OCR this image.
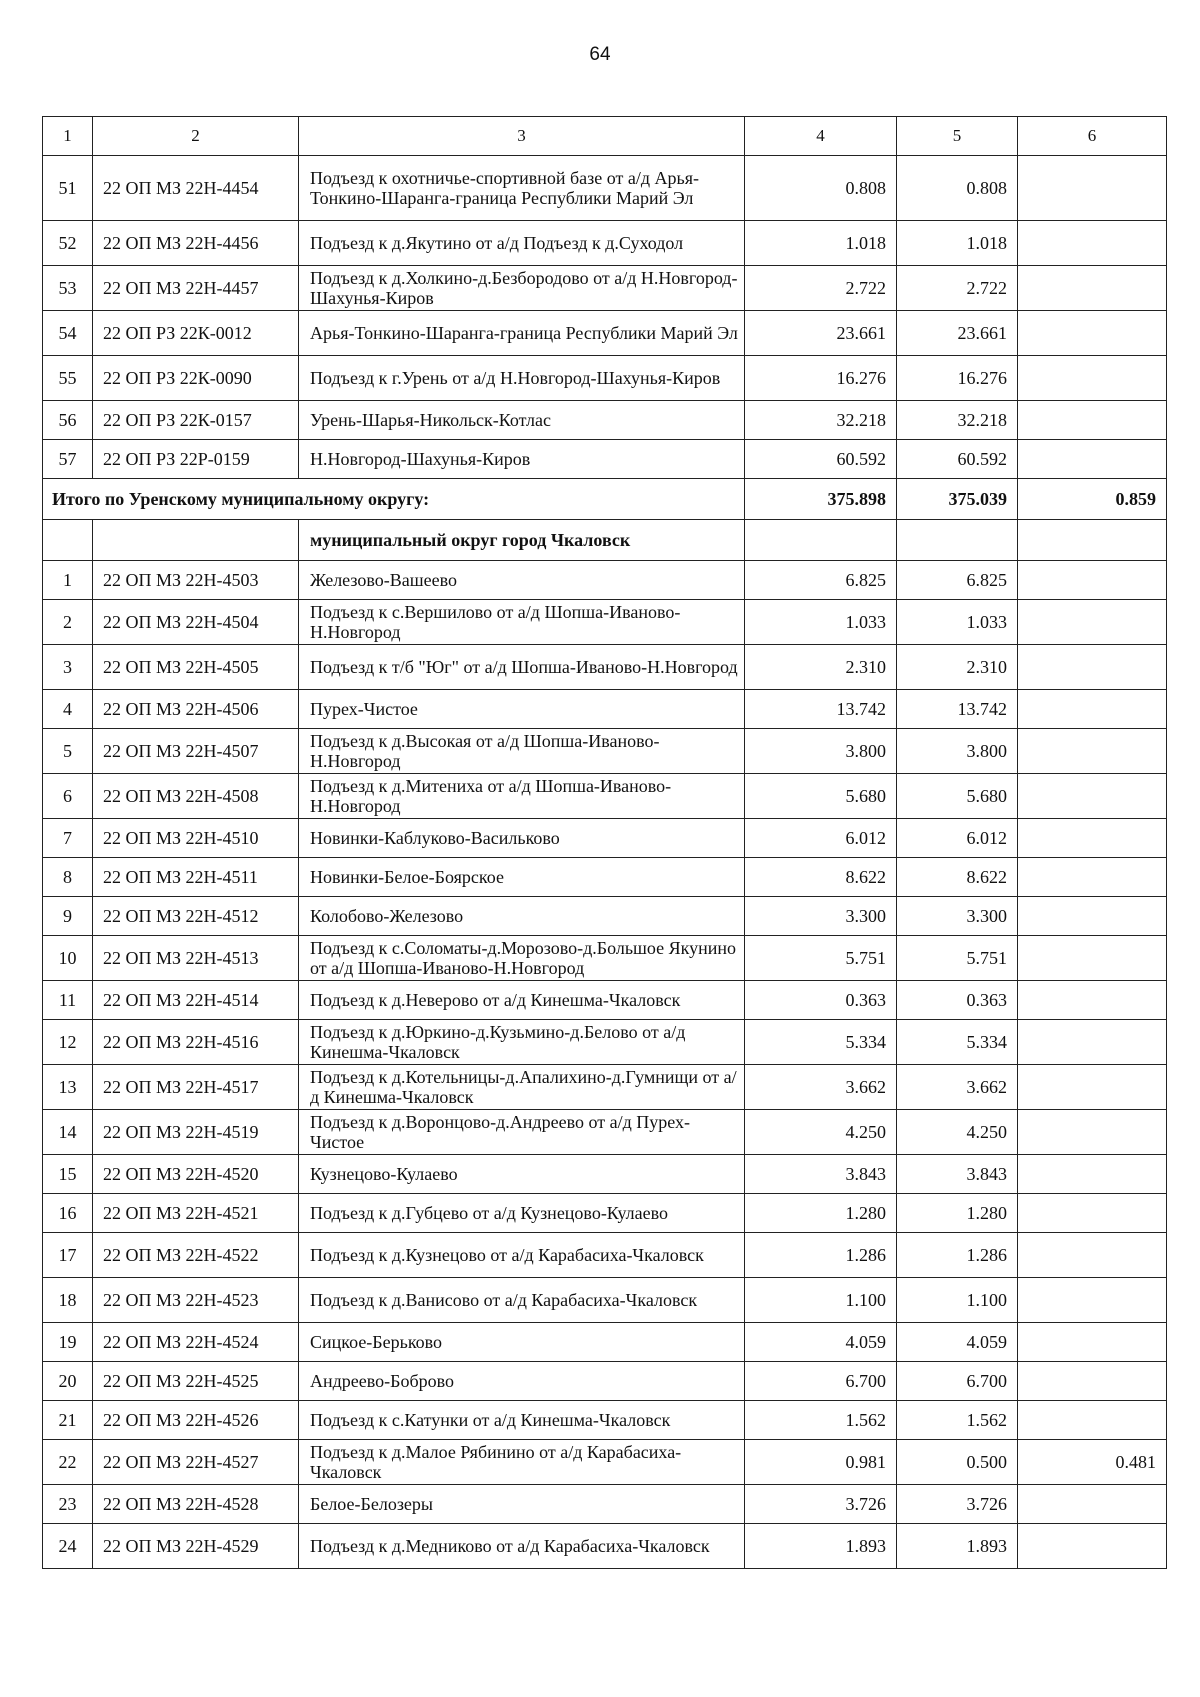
64
1	2	3	4	5	6
51	22 ОП МЗ 22Н-4454	Подъезд к охотничье-спортивной базе от а/д Арья-Тонкино-Шаранга-граница Республики Марий Эл	0.808	0.808	
52	22 ОП МЗ 22Н-4456	Подъезд к д.Якутино от а/д Подъезд к д.Суходол	1.018	1.018	
53	22 ОП МЗ 22Н-4457	Подъезд к д.Холкино-д.Безбородово от а/д Н.Новгород-Шахунья-Киров	2.722	2.722	
54	22 ОП РЗ 22К-0012	Арья-Тонкино-Шаранга-граница Республики Марий Эл	23.661	23.661	
55	22 ОП РЗ 22К-0090	Подъезд к г.Урень от а/д Н.Новгород-Шахунья-Киров	16.276	16.276	
56	22 ОП РЗ 22К-0157	Урень-Шарья-Никольск-Котлас	32.218	32.218	
57	22 ОП РЗ 22Р-0159	Н.Новгород-Шахунья-Киров	60.592	60.592	
Итого по Уренскому муниципальному округу:			375.898	375.039	0.859
		муниципальный округ город Чкаловск			
1	22 ОП МЗ 22Н-4503	Железово-Вашеево	6.825	6.825	
2	22 ОП МЗ 22Н-4504	Подъезд к с.Вершилово от а/д Шопша-Иваново-Н.Новгород	1.033	1.033	
3	22 ОП МЗ 22Н-4505	Подъезд к т/б "Юг" от а/д Шопша-Иваново-Н.Новгород	2.310	2.310	
4	22 ОП МЗ 22Н-4506	Пурех-Чистое	13.742	13.742	
5	22 ОП МЗ 22Н-4507	Подъезд к д.Высокая от а/д Шопша-Иваново-Н.Новгород	3.800	3.800	
6	22 ОП МЗ 22Н-4508	Подъезд к д.Митениха от а/д Шопша-Иваново-Н.Новгород	5.680	5.680	
7	22 ОП МЗ 22Н-4510	Новинки-Каблуково-Васильково	6.012	6.012	
8	22 ОП МЗ 22Н-4511	Новинки-Белое-Боярское	8.622	8.622	
9	22 ОП МЗ 22Н-4512	Колобово-Железово	3.300	3.300	
10	22 ОП МЗ 22Н-4513	Подъезд к с.Соломаты-д.Морозово-д.Большое Якунино от а/д Шопша-Иваново-Н.Новгород	5.751	5.751	
11	22 ОП МЗ 22Н-4514	Подъезд к д.Неверово от а/д Кинешма-Чкаловск	0.363	0.363	
12	22 ОП МЗ 22Н-4516	Подъезд к д.Юркино-д.Кузьмино-д.Белово от а/д Кинешма-Чкаловск	5.334	5.334	
13	22 ОП МЗ 22Н-4517	Подъезд к д.Котельницы-д.Апалихино-д.Гумнищи от а/д Кинешма-Чкаловск	3.662	3.662	
14	22 ОП МЗ 22Н-4519	Подъезд к д.Воронцово-д.Андреево от а/д Пурех-Чистое	4.250	4.250	
15	22 ОП МЗ 22Н-4520	Кузнецово-Кулаево	3.843	3.843	
16	22 ОП МЗ 22Н-4521	Подъезд к д.Губцево от а/д Кузнецово-Кулаево	1.280	1.280	
17	22 ОП МЗ 22Н-4522	Подъезд к д.Кузнецово от а/д Карабасиха-Чкаловск	1.286	1.286	
18	22 ОП МЗ 22Н-4523	Подъезд к д.Ванисово от а/д Карабасиха-Чкаловск	1.100	1.100	
19	22 ОП МЗ 22Н-4524	Сицкое-Берьково	4.059	4.059	
20	22 ОП МЗ 22Н-4525	Андреево-Боброво	6.700	6.700	
21	22 ОП МЗ 22Н-4526	Подъезд к с.Катунки от а/д Кинешма-Чкаловск	1.562	1.562	
22	22 ОП МЗ 22Н-4527	Подъезд к д.Малое Рябинино от а/д Карабасиха-Чкаловск	0.981	0.500	0.481
23	22 ОП МЗ 22Н-4528	Белое-Белозеры	3.726	3.726	
24	22 ОП МЗ 22Н-4529	Подъезд к д.Медниково от а/д Карабасиха-Чкаловск	1.893	1.893	
